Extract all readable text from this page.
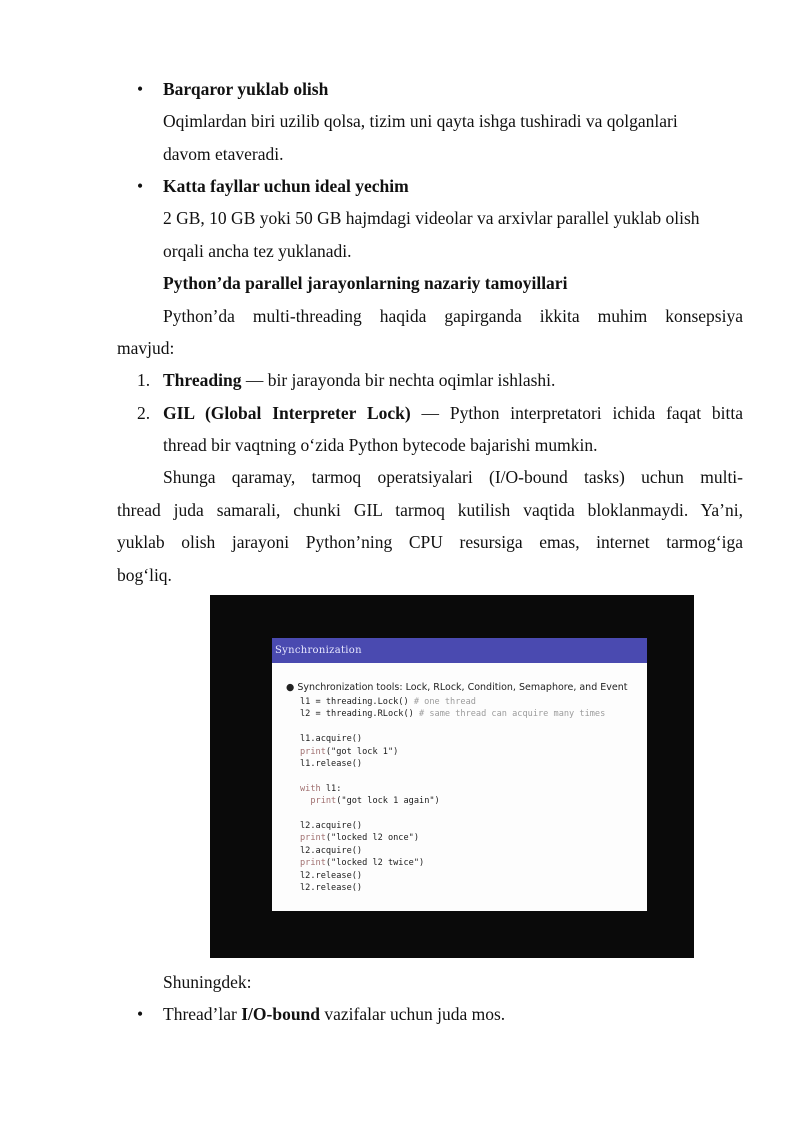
• Barqaror yuklab olish
Oqimlardan biri uzilib qolsa, tizim uni qayta ishga tushiradi va qolganlari
davom etaveradi.
• Katta fayllar uchun ideal yechim
2 GB, 10 GB yoki 50 GB hajmdagi videolar va arxivlar parallel yuklab olish
orqali ancha tez yuklanadi.
Python’da parallel jarayonlarning nazariy tamoyillari
Python’da multi-threading haqida gapirganda ikkita muhim konsepsiya
mavjud:
1. Threading — bir jarayonda bir nechta oqimlar ishlashi.
2. GIL (Global Interpreter Lock) — Python interpretatori ichida faqat bitta
thread bir vaqtning o‘zida Python bytecode bajarishi mumkin.
Shunga qaramay, tarmoq operatsiyalari (I/O-bound tasks) uchun multi-
thread juda samarali, chunki GIL tarmoq kutilish vaqtida bloklanmaydi. Ya’ni,
yuklab olish jarayoni Python’ning CPU resursiga emas, internet tarmog‘iga
bog‘liq.
Synchronization
● Synchronization tools: Lock, RLock, Condition, Semaphore, and Event
l1 = threading.Lock() # one thread
l2 = threading.RLock() # same thread can acquire many times

l1.acquire()
print("got lock 1")
l1.release()

with l1:
print("got lock 1 again")

l2.acquire()
print("locked l2 once")
l2.acquire()
print("locked l2 twice")
l2.release()
l2.release()
Shuningdek:
• Thread’lar I/O-bound vazifalar uchun juda mos.
